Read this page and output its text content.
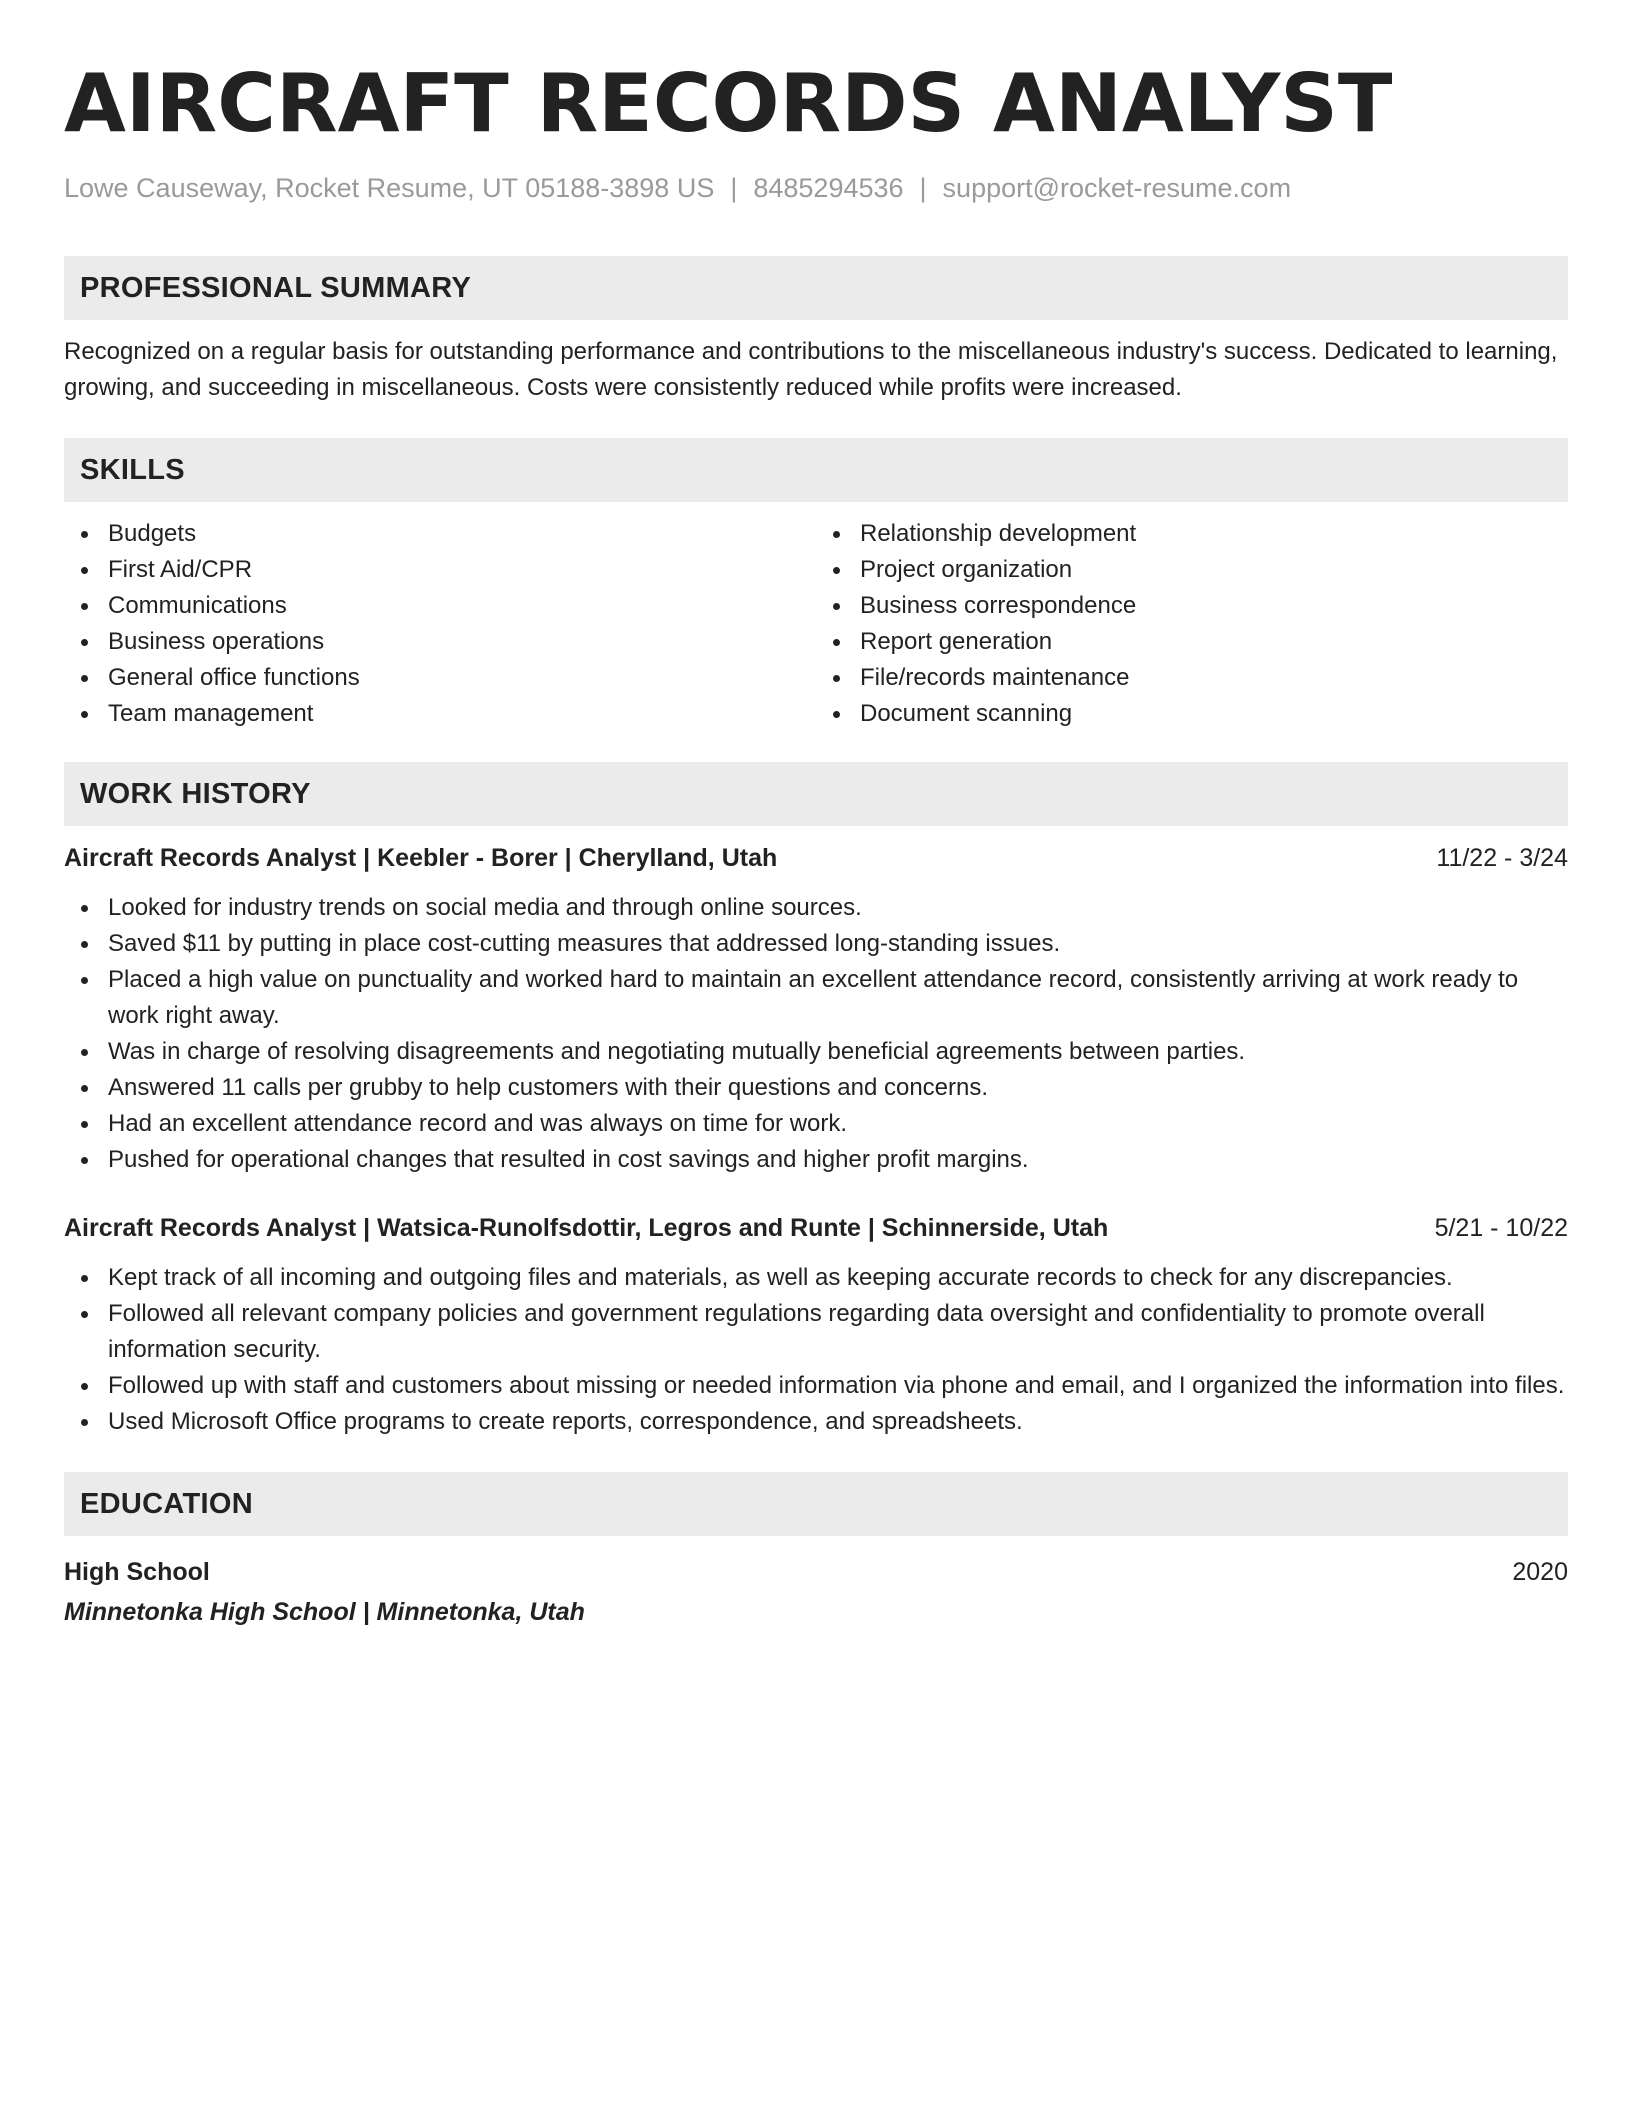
AIRCRAFT RECORDS ANALYST
Lowe Causeway, Rocket Resume, UT 05188-3898 US | 8485294536 | support@rocket-resume.com
PROFESSIONAL SUMMARY

Recognized on a regular basis for outstanding performance and contributions to the miscellaneous industry's success. Dedicated to learning, growing, and succeeding in miscellaneous. Costs were consistently reduced while profits were increased.

SKILLS
Budgets
First Aid/CPR
Communications
Business operations
General office functions
Team management
Relationship development
Project organization
Business correspondence
Report generation
File/records maintenance
Document scanning
WORK HISTORY
Aircraft Records Analyst | Keebler - Borer | Cherylland, Utah	11/22 - 3/24
Looked for industry trends on social media and through online sources.
Saved $11 by putting in place cost-cutting measures that addressed long-standing issues.
Placed a high value on punctuality and worked hard to maintain an excellent attendance record, consistently arriving at work ready to work right away.
Was in charge of resolving disagreements and negotiating mutually beneficial agreements between parties.
Answered 11 calls per grubby to help customers with their questions and concerns.
Had an excellent attendance record and was always on time for work.
Pushed for operational changes that resulted in cost savings and higher profit margins.
Aircraft Records Analyst | Watsica-Runolfsdottir, Legros and Runte | Schinnerside, Utah	5/21 - 10/22
Kept track of all incoming and outgoing files and materials, as well as keeping accurate records to check for any discrepancies.
Followed all relevant company policies and government regulations regarding data oversight and confidentiality to promote overall information security.
Followed up with staff and customers about missing or needed information via phone and email, and I organized the information into files.
Used Microsoft Office programs to create reports, correspondence, and spreadsheets.
EDUCATION
High School	2020
Minnetonka High School | Minnetonka, Utah
